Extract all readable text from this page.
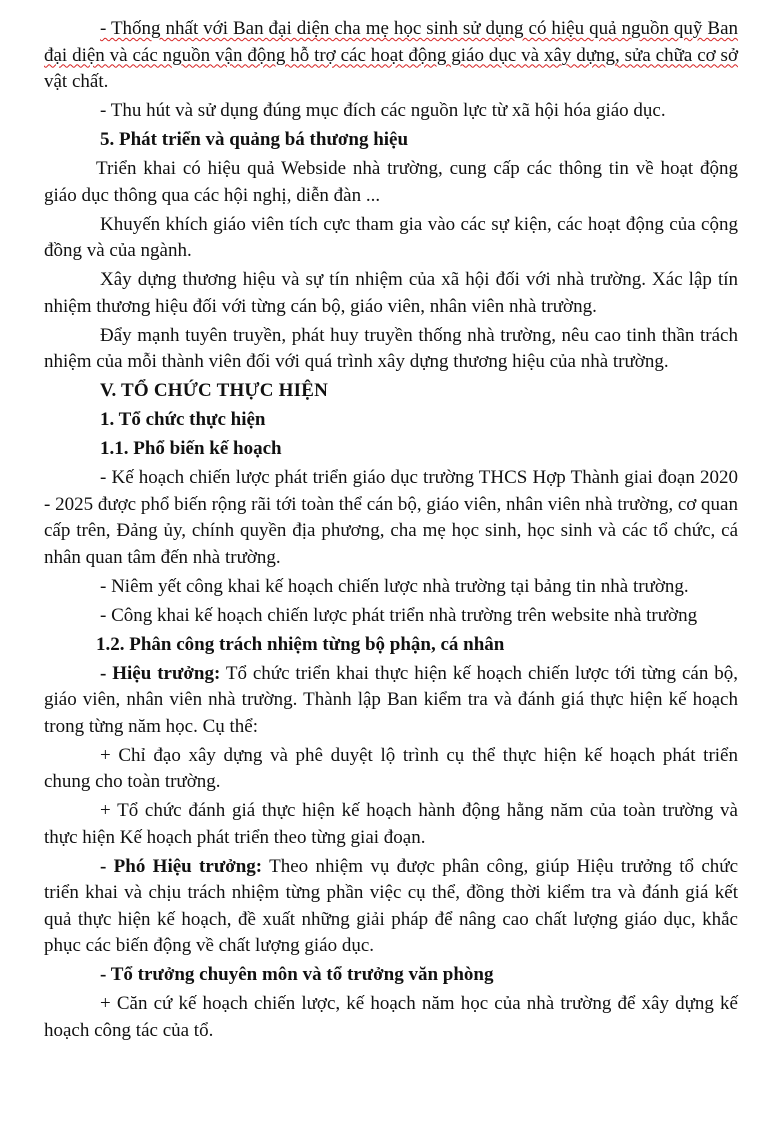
- Thống nhất với Ban đại diện cha mẹ học sinh sử dụng có hiệu quả nguồn quỹ Ban đại diện và các nguồn vận động hỗ trợ các hoạt động giáo dục và xây dựng, sửa chữa cơ sở vật chất.

- Thu hút và sử dụng đúng mục đích các nguồn lực từ xã hội hóa giáo dục.

5. Phát triển và quảng bá thương hiệu

Triển khai có hiệu quả Webside nhà trường, cung cấp các thông tin về hoạt động giáo dục thông qua các hội nghị, diễn đàn ...

Khuyến khích giáo viên tích cực tham gia vào các sự kiện, các hoạt động của cộng đồng và của ngành.

Xây dựng thương hiệu và sự tín nhiệm của xã hội đối với nhà trường. Xác lập tín nhiệm thương hiệu đối với từng cán bộ, giáo viên, nhân viên nhà trường.

Đẩy mạnh tuyên truyền, phát huy truyền thống nhà trường, nêu cao tinh thần trách nhiệm của mỗi thành viên đối với quá trình xây dựng thương hiệu của nhà trường.

V. TỔ CHỨC THỰC HIỆN

1. Tổ chức thực hiện

1.1. Phổ biến kế hoạch

- Kế hoạch chiến lược phát triển giáo dục trường THCS Hợp Thành giai đoạn 2020 - 2025 được phổ biến rộng rãi tới toàn thể cán bộ, giáo viên, nhân viên nhà trường, cơ quan cấp trên, Đảng ủy, chính quyền địa phương, cha mẹ học sinh, học sinh và các tổ chức, cá nhân quan tâm đến nhà trường.

- Niêm yết công khai kế hoạch chiến lược nhà trường tại bảng tin nhà trường.

- Công khai kế hoạch chiến lược phát triển nhà trường trên website nhà trường

1.2. Phân công trách nhiệm từng bộ phận, cá nhân

- Hiệu trưởng: Tổ chức triển khai thực hiện kế hoạch chiến lược tới từng cán bộ, giáo viên, nhân viên nhà trường. Thành lập Ban kiểm tra và đánh giá thực hiện kế hoạch trong từng năm học. Cụ thể:

+ Chỉ đạo xây dựng và phê duyệt lộ trình cụ thể thực hiện kế hoạch phát triển chung cho toàn trường.

+ Tổ chức đánh giá thực hiện kế hoạch hành động hằng năm của toàn trường và thực hiện Kế hoạch phát triển theo từng giai đoạn.

- Phó Hiệu trưởng: Theo nhiệm vụ được phân công, giúp Hiệu trưởng tổ chức triển khai và chịu trách nhiệm từng phần việc cụ thể, đồng thời kiểm tra và đánh giá kết quả thực hiện kế hoạch, đề xuất những giải pháp để nâng cao chất lượng giáo dục, khắc phục các biến động về chất lượng giáo dục.

- Tổ trưởng chuyên môn và tổ trưởng văn phòng

+ Căn cứ kế hoạch chiến lược, kế hoạch năm học của nhà trường để xây dựng kế hoạch công tác của tổ.
